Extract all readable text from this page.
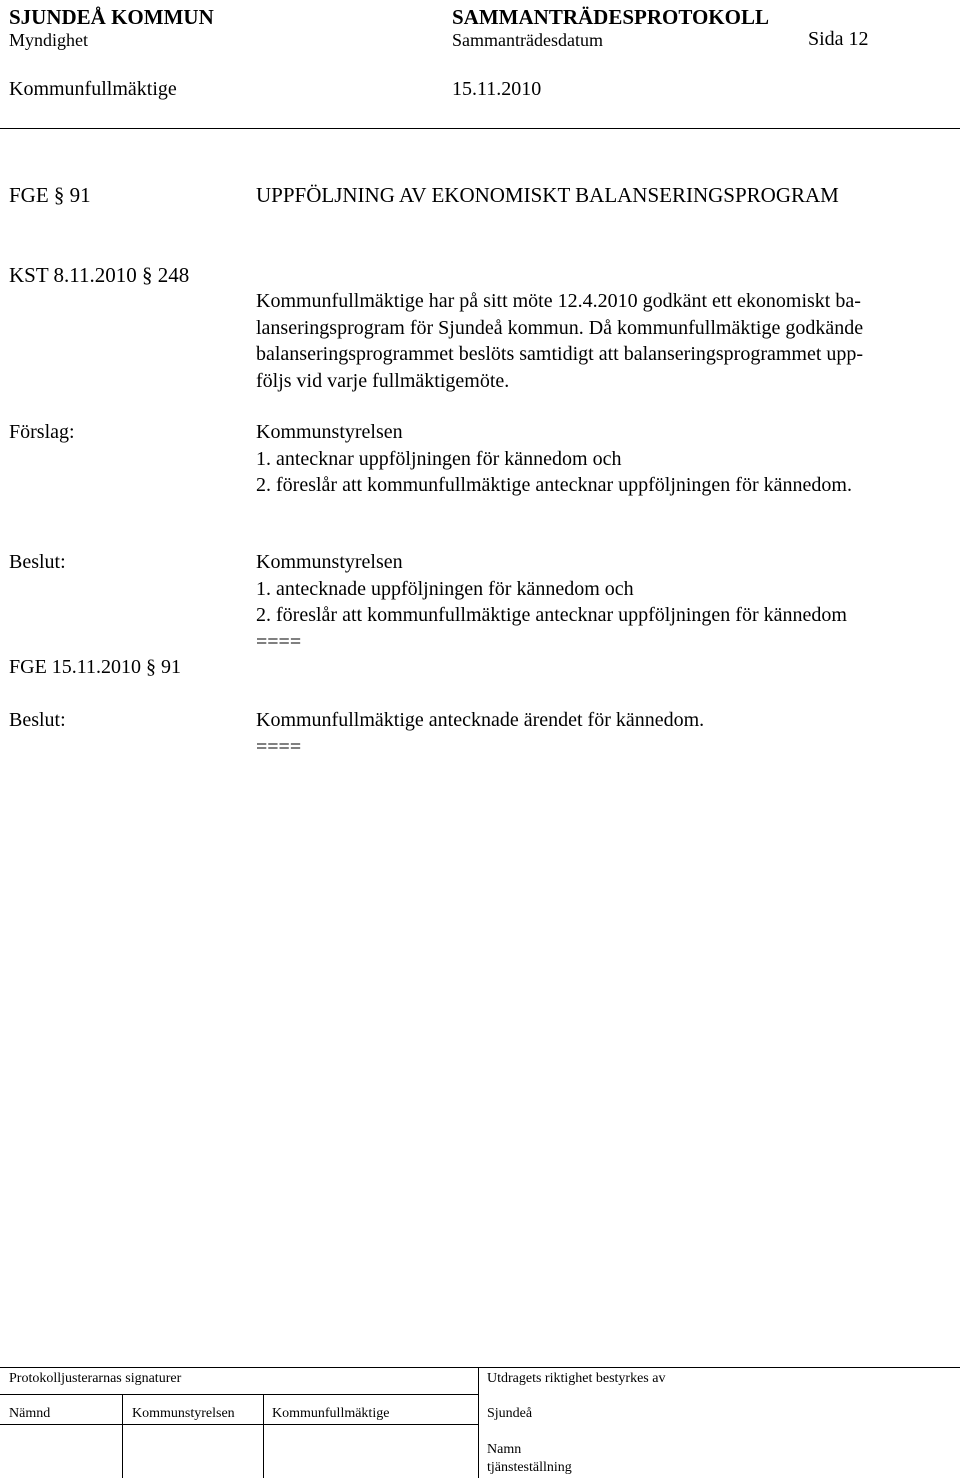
SJUNDEÅ KOMMUN	SAMMANTRÄDESPROTOKOLL
Myndighet	Sammanträdesdatum	Sida 12
Kommunfullmäktige	15.11.2010
FGE § 91	UPPFÖLJNING AV EKONOMISKT BALANSERINGSPROGRAM
KST 8.11.2010 § 248
Kommunfullmäktige har på sitt möte 12.4.2010 godkänt ett ekonomiskt ba-
lanseringsprogram för Sjundeå kommun. Då kommunfullmäktige godkände
balanseringsprogrammet beslöts samtidigt att balanseringsprogrammet upp-
följs vid varje fullmäktigemöte.
Förslag:	Kommunstyrelsen
1. antecknar uppföljningen för kännedom och
2. föreslår att kommunfullmäktige antecknar uppföljningen för kännedom.
Beslut:	Kommunstyrelsen
1. antecknade uppföljningen för kännedom och
2. föreslår att kommunfullmäktige antecknar uppföljningen för kännedom
====
FGE 15.11.2010 § 91
Beslut:	Kommunfullmäktige antecknade ärendet för kännedom.
====
Protokolljusterarnas signaturer	Utdragets riktighet bestyrkes av
Nämnd	Kommunstyrelsen	Kommunfullmäktige	Sjundeå
Namn
tjänsteställning
